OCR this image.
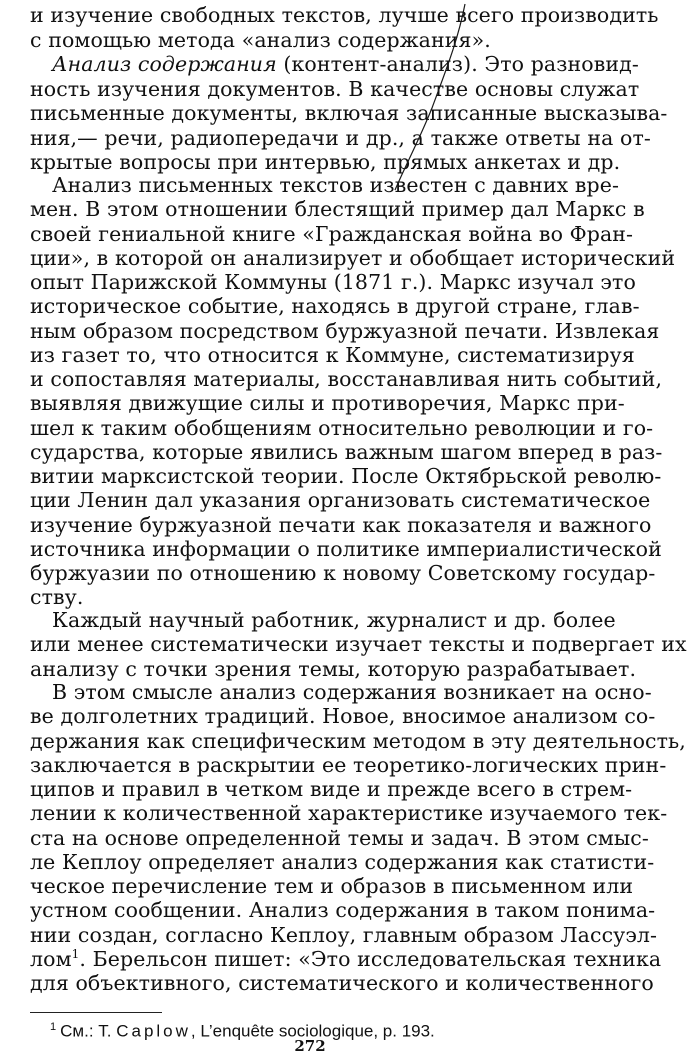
и изучение свободных текстов, лучше всего производить
с помощью метода «анализ содержания».
Анализ содержания (контент-анализ). Это разновид-
ность изучения документов. В качестве основы служат
письменные документы, включая записанные высказыва-
ния,— речи, радиопередачи и др., а также ответы на от-
крытые вопросы при интервью, прямых анкетах и др.
Анализ письменных текстов известен с давних вре-
мен. В этом отношении блестящий пример дал Маркс в
своей гениальной книге «Гражданская война во Фран-
ции», в которой он анализирует и обобщает исторический
опыт Парижской Коммуны (1871 г.). Маркс изучал это
историческое событие, находясь в другой стране, глав-
ным образом посредством буржуазной печати. Извлекая
из газет то, что относится к Коммуне, систематизируя
и сопоставляя материалы, восстанавливая нить событий,
выявляя движущие силы и противоречия, Маркс при-
шел к таким обобщениям относительно революции и го-
сударства, которые явились важным шагом вперед в раз-
витии марксистской теории. После Октябрьской револю-
ции Ленин дал указания организовать систематическое
изучение буржуазной печати как показателя и важного
источника информации о политике империалистической
буржуазии по отношению к новому Советскому государ-
ству.
Каждый научный работник, журналист и др. более
или менее систематически изучает тексты и подвергает их
анализу с точки зрения темы, которую разрабатывает.
В этом смысле анализ содержания возникает на осно-
ве долголетних традиций. Новое, вносимое анализом со-
держания как специфическим методом в эту деятельность,
заключается в раскрытии ее теоретико-логических прин-
ципов и правил в четком виде и прежде всего в стрем-
лении к количественной характеристике изучаемого тек-
ста на основе определенной темы и задач. В этом смыс-
ле Кеплоу определяет анализ содержания как статисти-
ческое перечисление тем и образов в письменном или
устном сообщении. Анализ содержания в таком понима-
нии создан, согласно Кеплоу, главным образом Лассуэл-
лом$^1$. Берельсон пишет: «Это исследовательская техника
для объективного, систематического и количественного
$^1$ См.: Т. Caplow, L’enquête sociologique, p. 193.
272
